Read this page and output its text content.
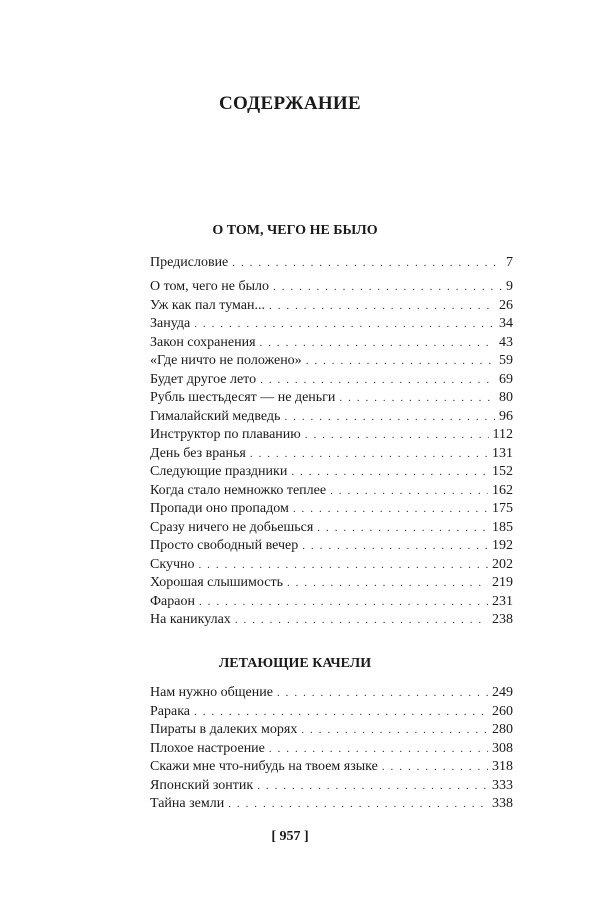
СОДЕРЖАНИЕ
О ТОМ, ЧЕГО НЕ БЫЛО
Предисловие . . .	7
О том, чего не было . . .	9
Уж как пал туман... . . .	26
Зануда . . .	34
Закон сохранения . . .	43
«Где ничто не положено» . . .	59
Будет другое лето . . .	69
Рубль шестьдесят — не деньги . . .	80
Гималайский медведь . . .	96
Инструктор по плаванию . . .	112
День без вранья . . .	131
Следующие праздники . . .	152
Когда стало немножко теплее . . .	162
Пропади оно пропадом . . .	175
Сразу ничего не добьешься . . .	185
Просто свободный вечер . . .	192
Скучно . . .	202
Хорошая слышимость . . .	219
Фараон . . .	231
На каникулах . . .	238
ЛЕТАЮЩИЕ КАЧЕЛИ
Нам нужно общение . . .	249
Рарака . . .	260
Пираты в далеких морях . . .	280
Плохое настроение . . .	308
Скажи мне что-нибудь на твоем языке . . .	318
Японский зонтик . . .	333
Тайна земли . . .	338
[ 957 ]
